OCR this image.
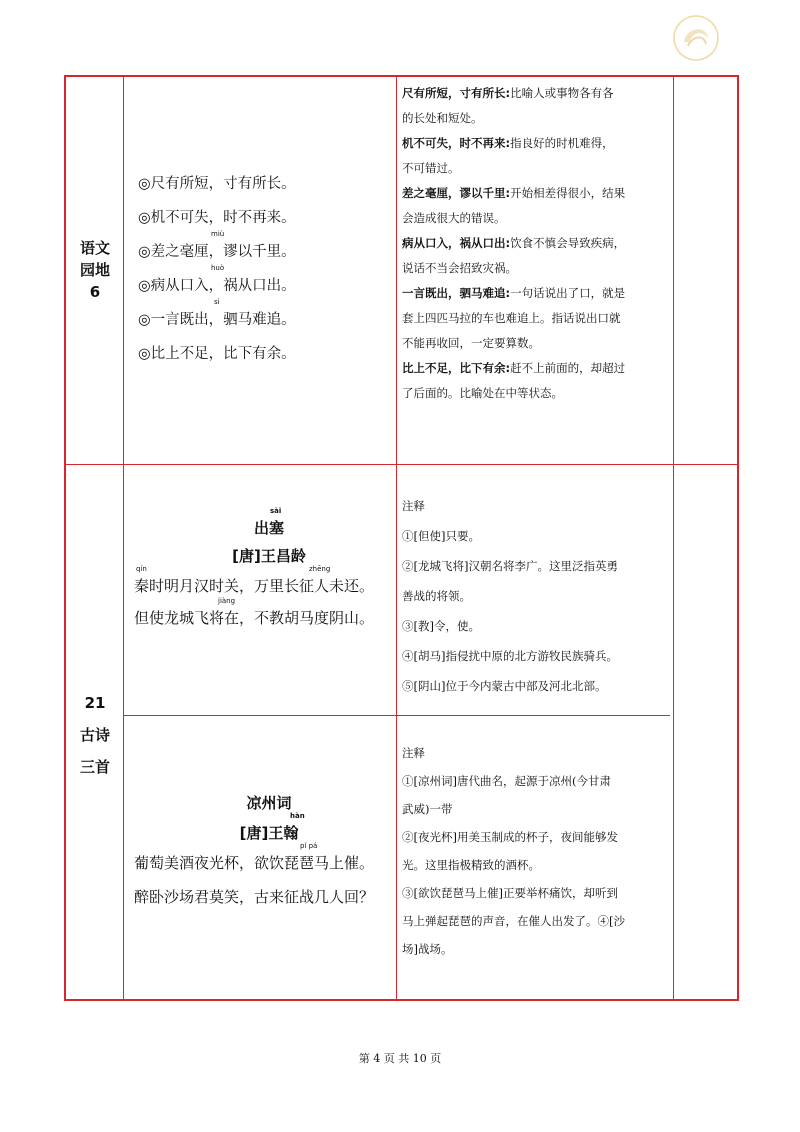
语文
园地
6
◎尺有所短，寸有所长。
◎机不可失，时不再来。
miù
◎差之毫厘，谬以千里。
huò
◎病从口入，祸从口出。
sì
◎一言既出，驷马难追。
◎比上不足，比下有余。
尺有所短，寸有所长:比喻人或事物各有各
的长处和短处。
机不可失，时不再来:指良好的时机难得，
不可错过。
差之毫厘，谬以千里:开始相差得很小，结果
会造成很大的错误。
病从口入，祸从口出:饮食不慎会导致疾病，
说话不当会招致灾祸。
一言既出，驷马难追:一句话说出了口，就是
套上四匹马拉的车也难追上。指话说出口就
不能再收回，一定要算数。
比上不足，比下有余:赶不上前面的，却超过
了后面的。比喻处在中等状态。
21
古诗
三首
sài
出塞
[唐]王昌龄
qín	zhēng
秦时明月汉时关，万里长征人未还。
jiàng
但使龙城飞将在，不教胡马度阴山。
注释
①[但使]只要。
②[龙城飞将]汉朝名将李广。这里泛指英勇
善战的将领。
③[教]令，使。
④[胡马]指侵扰中原的北方游牧民族骑兵。
⑤[阴山]位于今内蒙古中部及河北北部。
凉州词
hàn
[唐]王翰
pí pá
葡萄美酒夜光杯，欲饮琵琶马上催。
醉卧沙场君莫笑，古来征战几人回？
注释
①[凉州词]唐代曲名，起源于凉州(今甘肃
武威)一带
②[夜光杯]用美玉制成的杯子，夜间能够发
光。这里指极精致的酒杯。
③[欲饮琵琶马上催]正要举杯痛饮，却听到
马上弹起琵琶的声音，在催人出发了。④[沙
场]战场。
第 4 页 共 10 页
